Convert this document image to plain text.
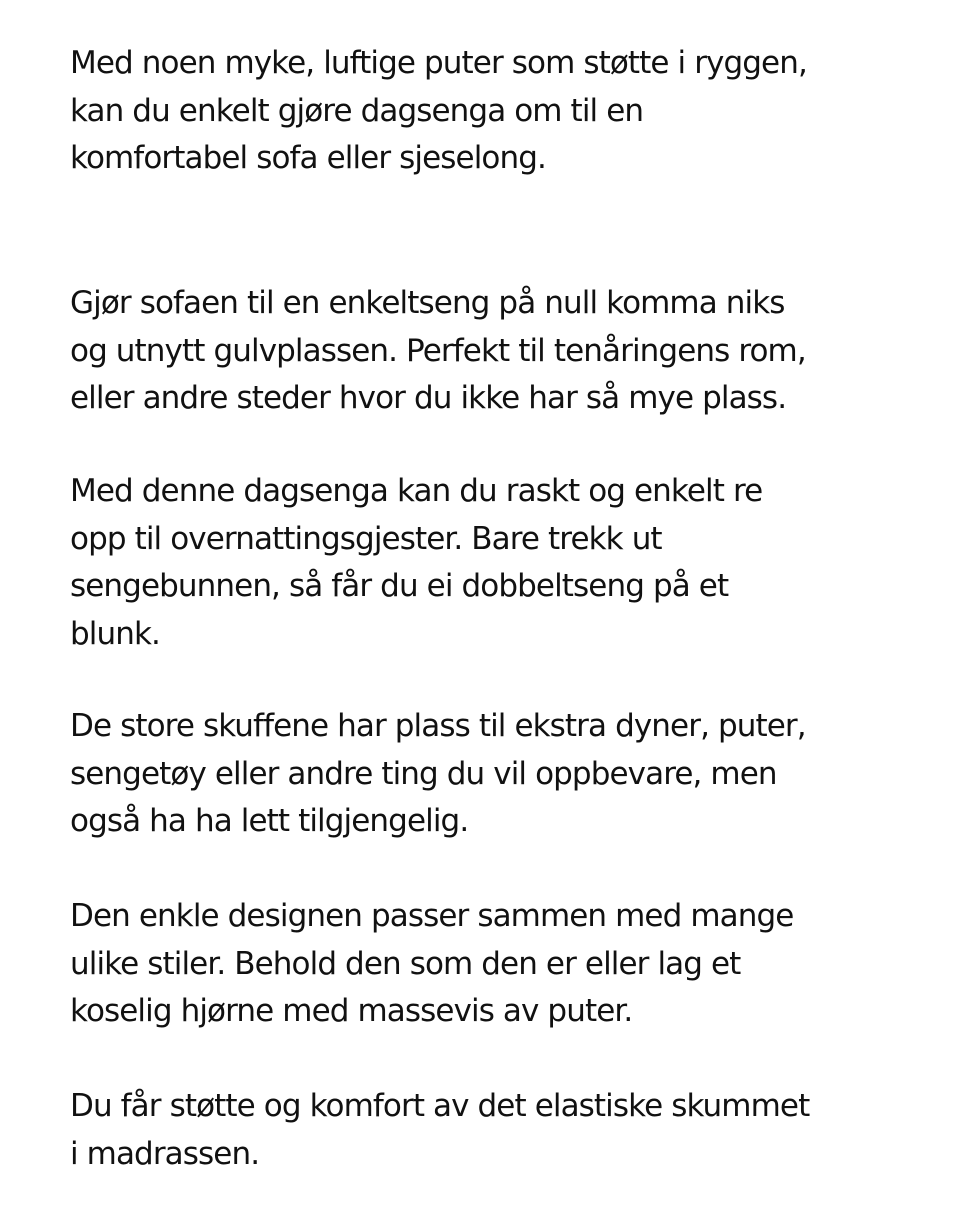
Med noen myke, luftige puter som støtte i ryggen,
kan du enkelt gjøre dagsenga om til en
komfortabel sofa eller sjeselong.

Gjør sofaen til en enkeltseng på null komma niks
og utnytt gulvplassen. Perfekt til tenåringens rom,
eller andre steder hvor du ikke har så mye plass.

Med denne dagsenga kan du raskt og enkelt re
opp til overnattingsgjester. Bare trekk ut
sengebunnen, så får du ei dobbeltseng på et
blunk.

De store skuffene har plass til ekstra dyner, puter,
sengetøy eller andre ting du vil oppbevare, men
også ha ha lett tilgjengelig.

Den enkle designen passer sammen med mange
ulike stiler. Behold den som den er eller lag et
koselig hjørne med massevis av puter.

Du får støtte og komfort av det elastiske skummet
i madrassen.
